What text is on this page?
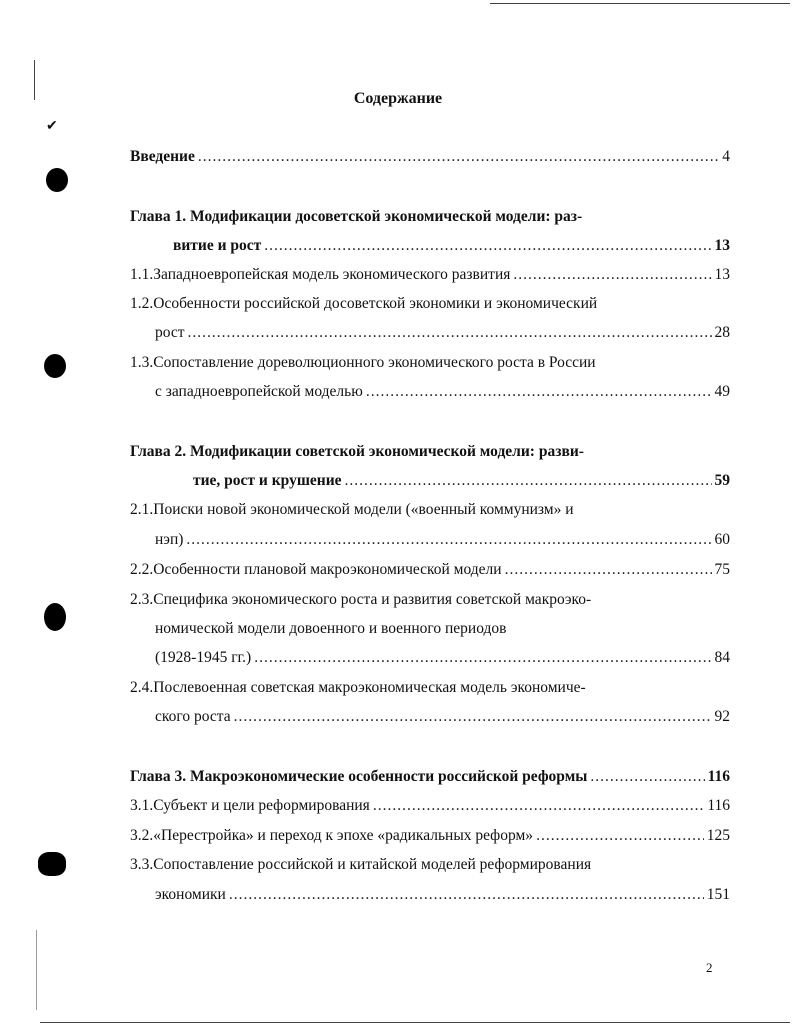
✔
Содержание
Введение .....	4
Глава 1. Модификации досоветской экономической модели: раз-
витие и рост .....	13
1.1.Западноевропейская модель экономического развития .....	13
1.2.Особенности российской досоветской экономики и экономический
рост .....	28
1.3.Сопоставление дореволюционного экономического роста в России
с западноевропейской моделью .....	49
Глава 2. Модификации советской экономической модели: разви-
тие, рост и крушение .....	59
2.1.Поиски новой экономической модели («военный коммунизм» и
нэп) .....	60
2.2.Особенности плановой макроэкономической модели .....	75
2.3.Специфика экономического роста и развития советской макроэко-
номической модели довоенного и военного периодов
(1928-1945 гг.) .....	84
2.4.Послевоенная советская макроэкономическая модель экономиче-
ского роста .....	92
Глава 3. Макроэкономические особенности российской реформы .....	116
3.1.Субъект и цели реформирования .....	116
3.2.«Перестройка» и переход к эпохе «радикальных реформ» .....	125
3.3.Сопоставление российской и китайской моделей реформирования
экономики .....	151
2
